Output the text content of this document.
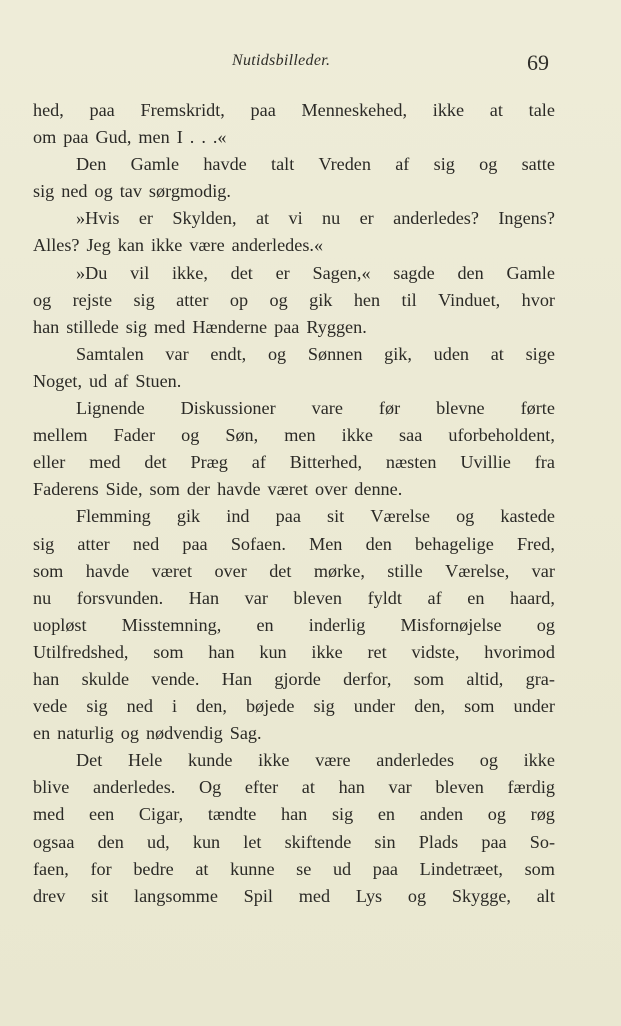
Nutidsbilleder.	69
hed, paa Fremskridt, paa Menneskehed, ikke at tale
om paa Gud, men I . . .«
Den Gamle havde talt Vreden af sig og satte
sig ned og tav sørgmodig.
»Hvis er Skylden, at vi nu er anderledes? Ingens?
Alles? Jeg kan ikke være anderledes.«
»Du vil ikke, det er Sagen,« sagde den Gamle
og rejste sig atter op og gik hen til Vinduet, hvor
han stillede sig med Hænderne paa Ryggen.
Samtalen var endt, og Sønnen gik, uden at sige
Noget, ud af Stuen.
Lignende Diskussioner vare før blevne førte
mellem Fader og Søn, men ikke saa uforbeholdent,
eller med det Præg af Bitterhed, næsten Uvillie fra
Faderens Side, som der havde været over denne.
Flemming gik ind paa sit Værelse og kastede
sig atter ned paa Sofaen. Men den behagelige Fred,
som havde været over det mørke, stille Værelse, var
nu forsvunden. Han var bleven fyldt af en haard,
uopløst Misstemning, en inderlig Misfornøjelse og
Utilfredshed, som han kun ikke ret vidste, hvorimod
han skulde vende. Han gjorde derfor, som altid, gra-
vede sig ned i den, bøjede sig under den, som under
en naturlig og nødvendig Sag.
Det Hele kunde ikke være anderledes og ikke
blive anderledes. Og efter at han var bleven færdig
med een Cigar, tændte han sig en anden og røg
ogsaa den ud, kun let skiftende sin Plads paa So-
faen, for bedre at kunne se ud paa Lindetræet, som
drev sit langsomme Spil med Lys og Skygge, alt
